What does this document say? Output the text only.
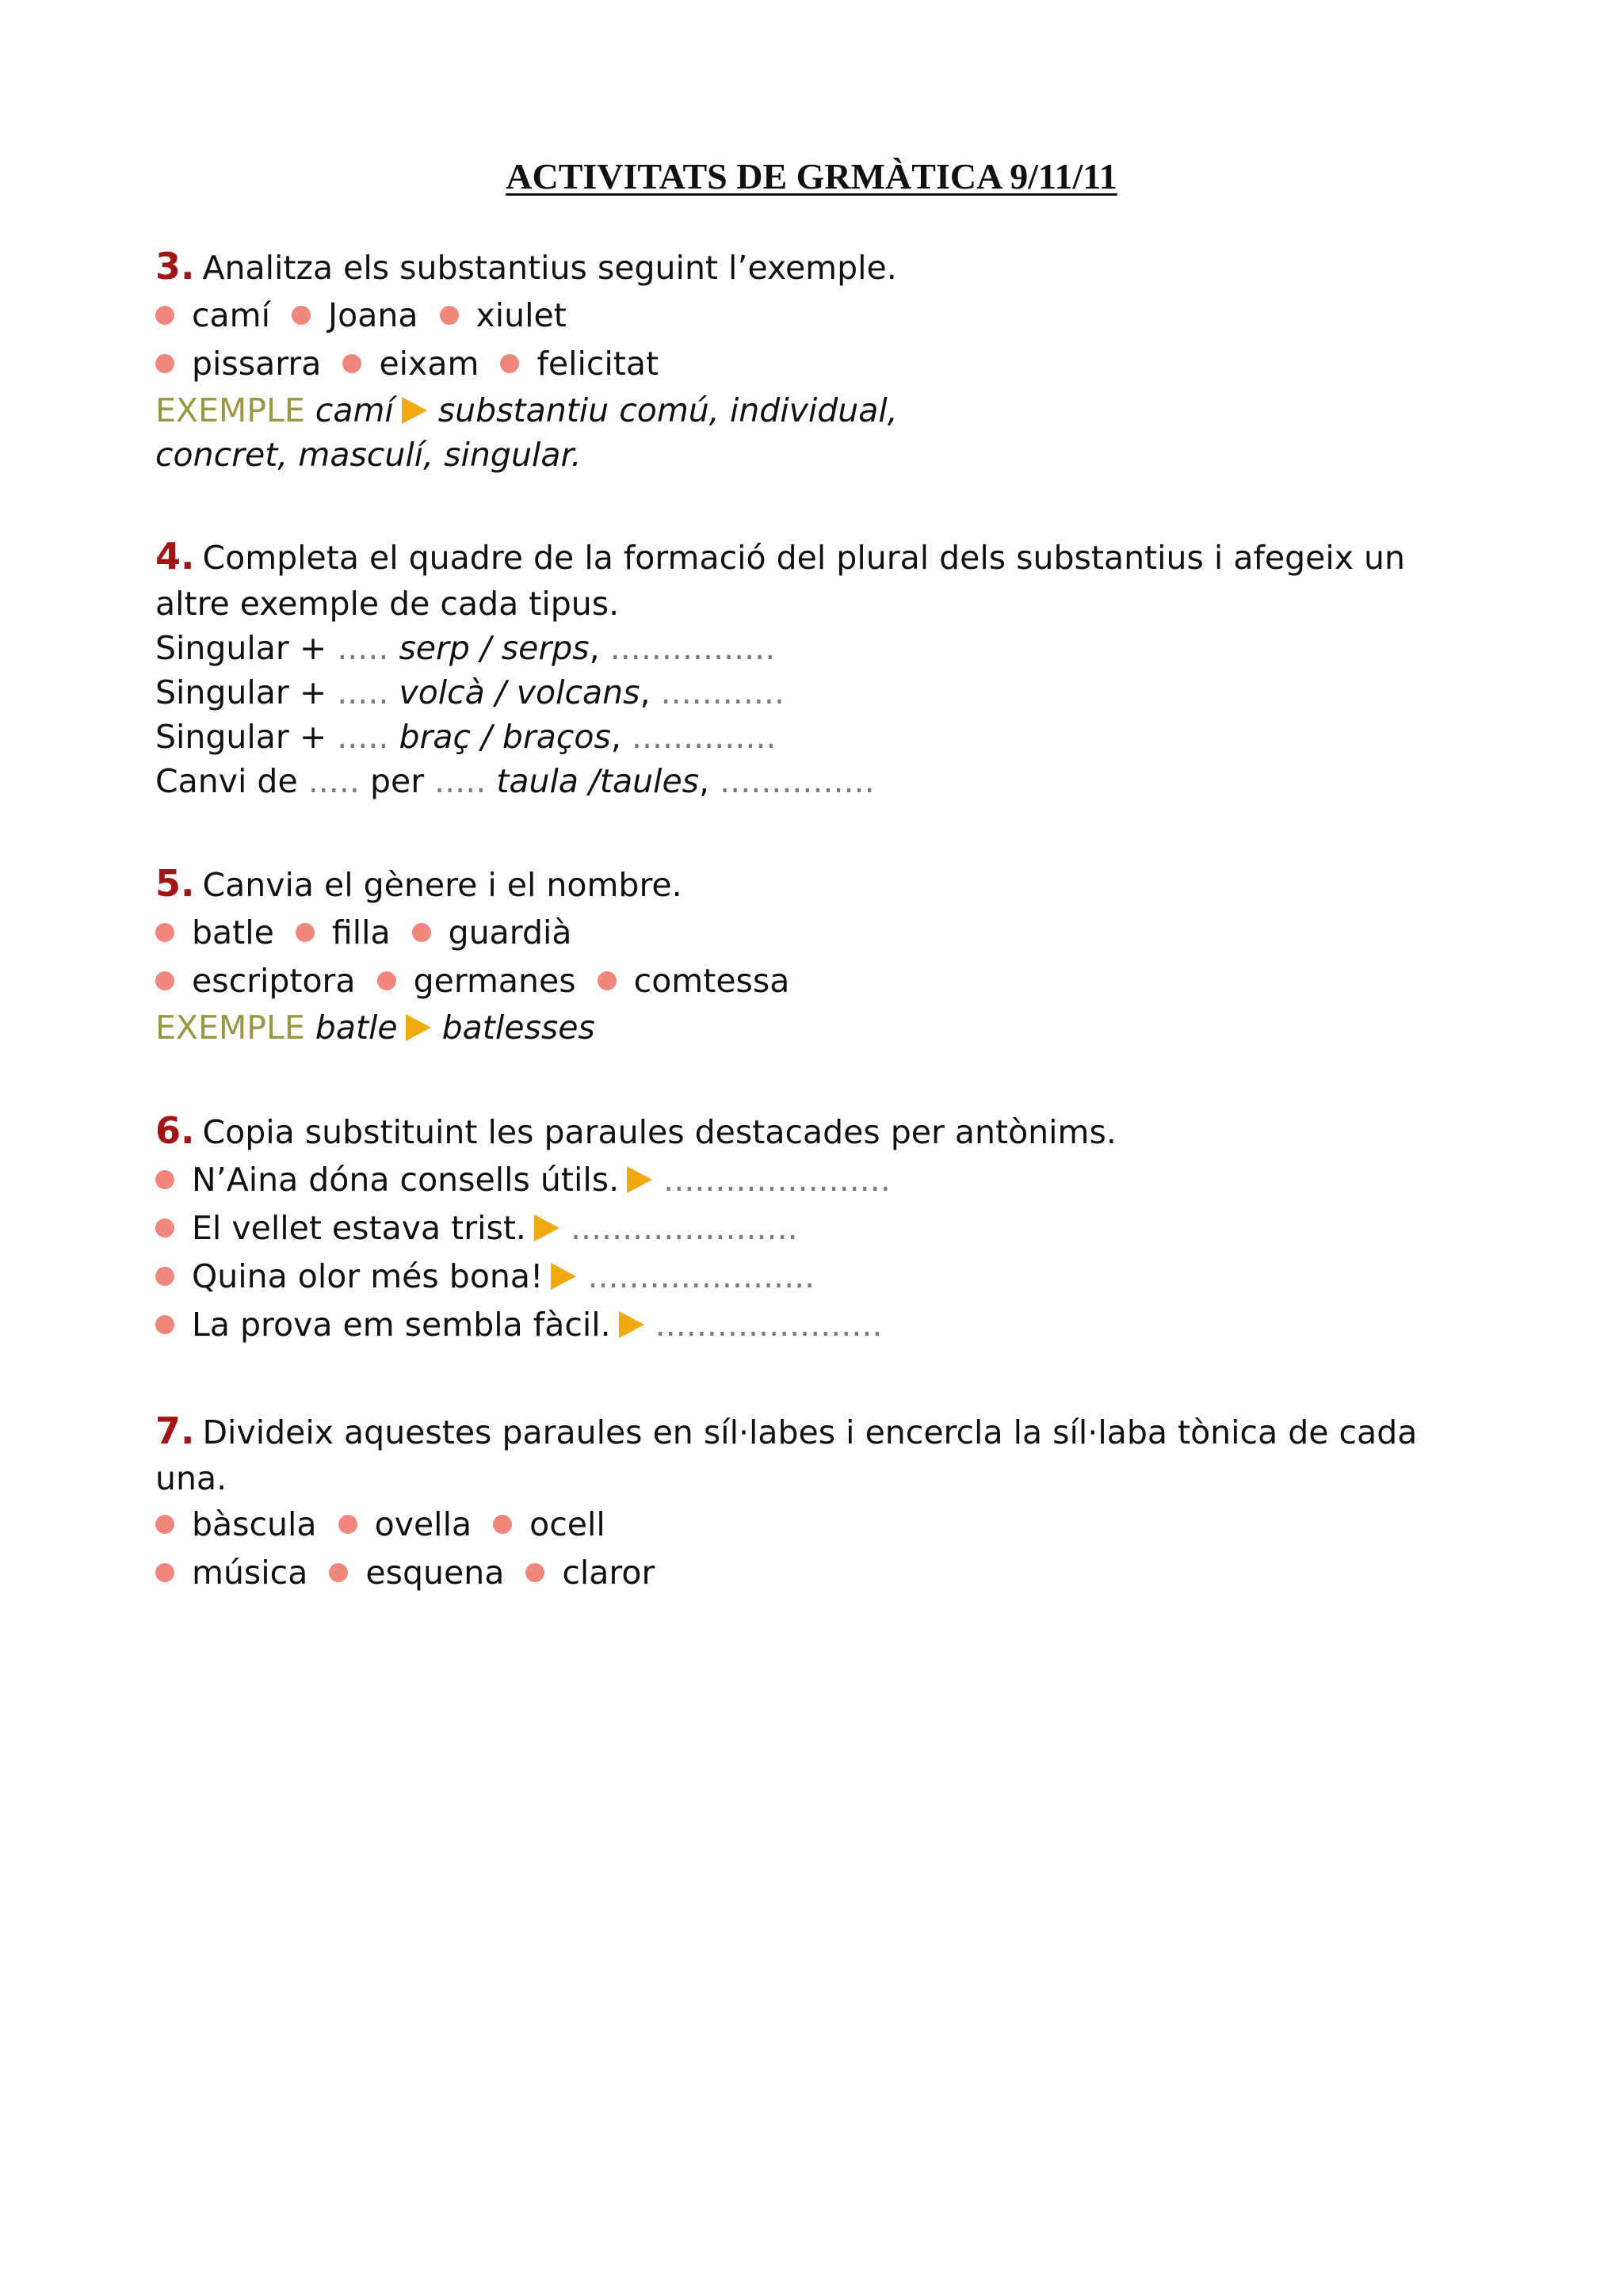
ACTIVITATS DE GRMÀTICA 9/11/11
3. Analitza els substantius seguint l’exemple.
camí Joana xiulet
pissarra eixam felicitat
EXEMPLE camí substantiu comú, individual,
concret, masculí, singular.
4. Completa el quadre de la formació del plural dels substantius i afegeix un
altre exemple de cada tipus.
Singular + ..... serp / serps, ................
Singular + ..... volcà / volcans, ............
Singular + ..... braç / braços, ..............
Canvi de ..... per ..... taula /taules, ...............
5. Canvia el gènere i el nombre.
batle filla guardià
escriptora germanes comtessa
EXEMPLE batle batlesses
6. Copia substituint les paraules destacades per antònims.
N’Aina dóna consells útils. ......................
El vellet estava trist. ......................
Quina olor més bona! ......................
La prova em sembla fàcil. ......................
7. Divideix aquestes paraules en síl·labes i encercla la síl·laba tònica de cada
una.
bàscula ovella ocell
música esquena claror
